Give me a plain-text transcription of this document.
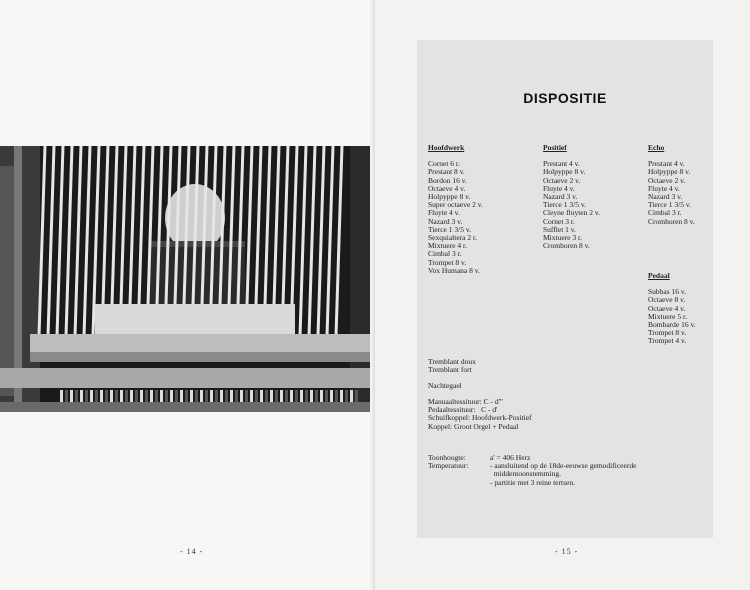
- 14 -	- 15 -
DISPOSITIE
Hoofdwerk
Cornet 6 r.
Prestant 8 v.
Bordon 16 v.
Octaeve 4 v.
Holpyppe 8 v.
Super octaeve 2 v.
Fluyte 4 v.
Nazard 3 v.
Tierce 1 3/5 v.
Sexquialtera 2 r.
Mixtuere 4 r.
Cimbal 3 r.
Trompet 8 v.
Vox Humana 8 v.
Positief
Prestant 4 v.
Holpyppe 8 v.
Octaeve 2 v.
Fluyte 4 v.
Nazard 3 v.
Tierce 1 3/5 v.
Cleyne fluyten 2 v.
Cornet 3 r.
Sufflet 1 v.
Mixtuere 3 r.
Cromhoren 8 v.
Echo
Prestant 4 v.
Holpyppe 8 v.
Octaeve 2 v.
Fluyte 4 v.
Nazard 3 v.
Tierce 1 3/5 v.
Cimbal 3 r.
Cromhoren 8 v.
Pedaal
Subbas 16 v.
Octaeve 8 v.
Octaeve 4 v.
Mixtuere 5 r.
Bombarde 16 v.
Trompet 8 v.
Trompet 4 v.
Tremblant doux
Tremblant fort
Nachtegael
Manuaaltessituur: C - d'''
Pedaaltessituur:   C - d'
Schuifkoppel: Hoofdwerk-Positief
Koppel: Groot Orgel + Pedaal
Toonhoogte:	a' = 406 Herz
Temperatuur:	- aansluitend op de 18de-eeuwse gemodificeerde
middentoonstemming.
- partitie met 3 reine tertsen.
